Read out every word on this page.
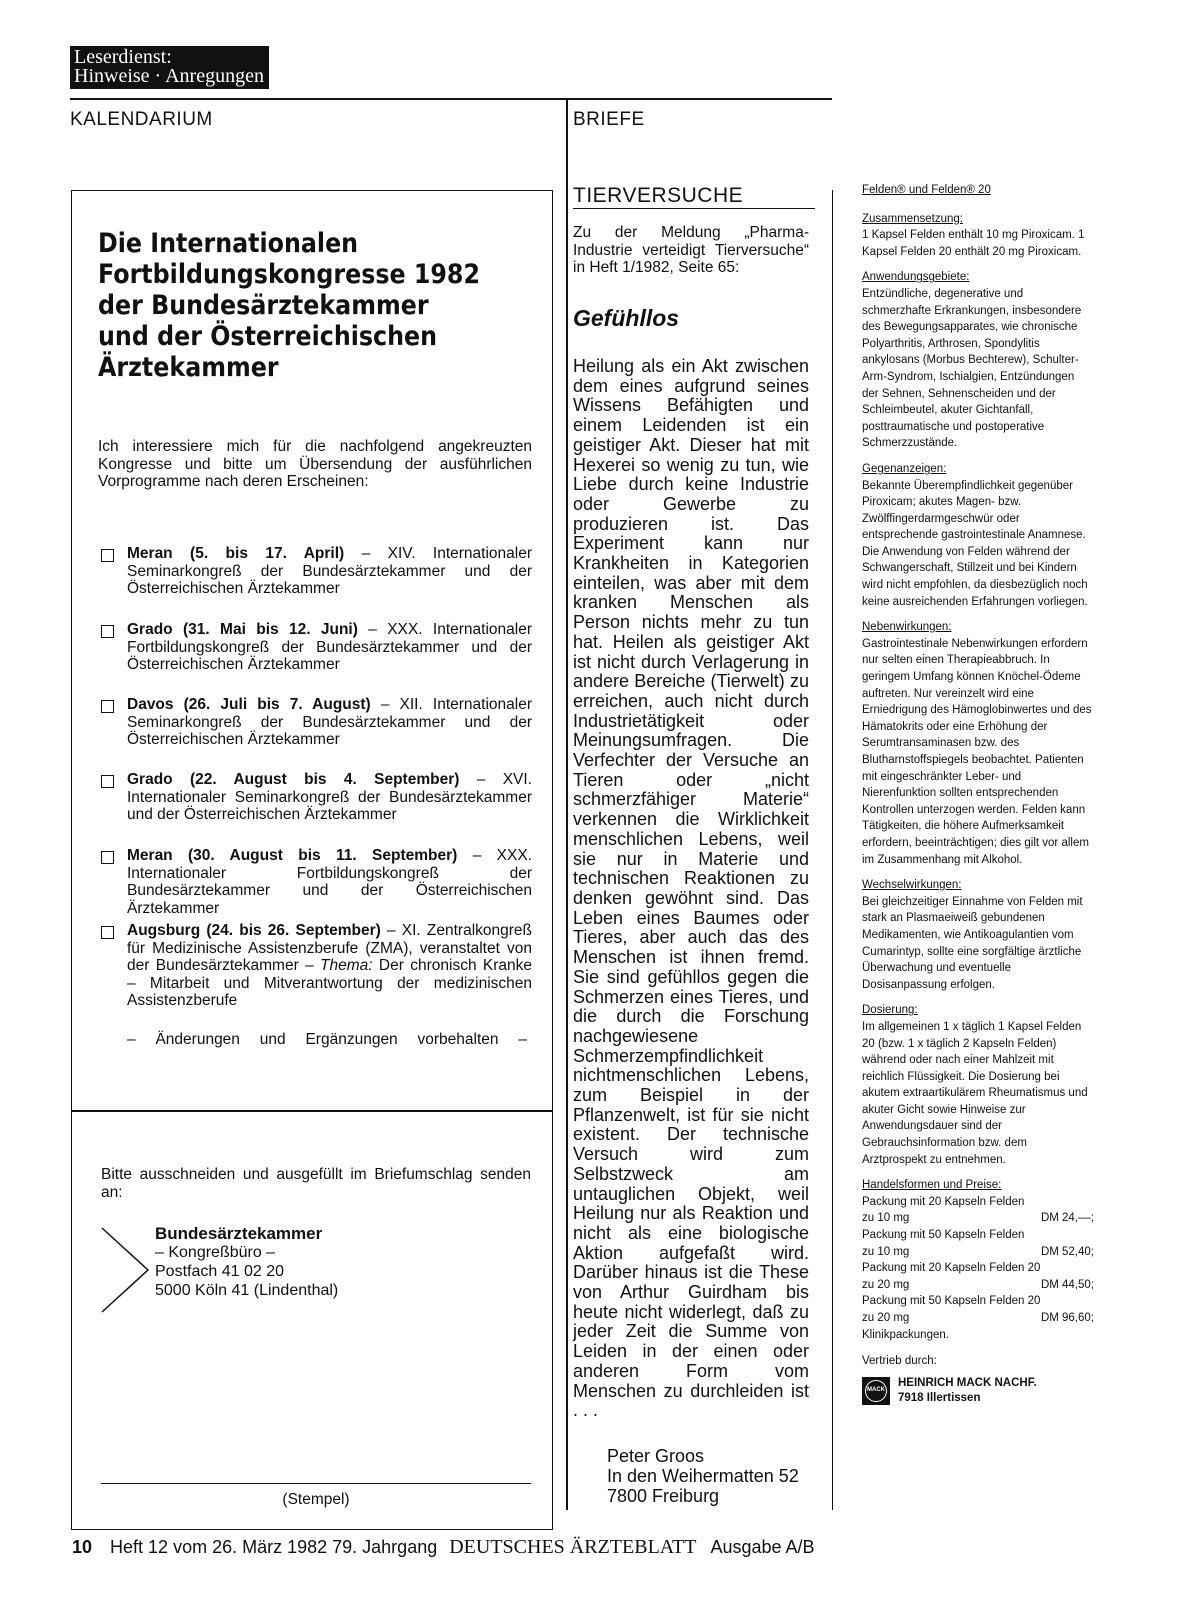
Leserdienst:
Hinweise · Anregungen
KALENDARIUM	BRIEFE
Die Internationalen
Fortbildungskongresse 1982
der Bundesärztekammer
und der Österreichischen
Ärztekammer
Ich interessiere mich für die nachfolgend angekreuzten Kongresse und bitte um Übersendung der ausführlichen Vorprogramme nach deren Erscheinen:
Meran (5. bis 17. April) – XIV. Internationaler Seminarkongreß der Bundesärztekammer und der Österreichischen Ärztekammer
Grado (31. Mai bis 12. Juni) – XXX. Internationaler Fortbildungskongreß der Bundesärztekammer und der Österreichischen Ärztekammer
Davos (26. Juli bis 7. August) – XII. Internationaler Seminarkongreß der Bundesärztekammer und der Österreichischen Ärztekammer
Grado (22. August bis 4. September) – XVI. Internationaler Seminarkongreß der Bundesärztekammer und der Österreichischen Ärztekammer
Meran (30. August bis 11. September) – XXX. Internationaler Fortbildungskongreß der Bundesärztekammer und der Österreichischen Ärztekammer
Augsburg (24. bis 26. September) – XI. Zentralkongreß für Medizinische Assistenzberufe (ZMA), veranstaltet von der Bundesärztekammer – Thema: Der chronisch Kranke – Mitarbeit und Mitverantwortung der medizinischen Assistenzberufe
– Änderungen und Ergänzungen vorbehalten –
Bitte ausschneiden und ausgefüllt im Briefumschlag senden an:
Bundesärztekammer
– Kongreßbüro –
Postfach 41 02 20
5000 Köln 41 (Lindenthal)
(Stempel)
TIERVERSUCHE
Zu der Meldung „Pharma-Industrie verteidigt Tierversuche“ in Heft 1/1982, Seite 65:
Gefühllos
Heilung als ein Akt zwischen dem eines aufgrund seines Wissens Befähigten und einem Leidenden ist ein geistiger Akt. Dieser hat mit Hexerei so wenig zu tun, wie Liebe durch keine Industrie oder Gewerbe zu produzieren ist. Das Experiment kann nur Krankheiten in Kategorien einteilen, was aber mit dem kranken Menschen als Person nichts mehr zu tun hat. Heilen als geistiger Akt ist nicht durch Verlagerung in andere Bereiche (Tierwelt) zu erreichen, auch nicht durch Industrietätigkeit oder Meinungsumfragen. Die Verfechter der Versuche an Tieren oder „nicht schmerzfähiger Materie“ verkennen die Wirklichkeit menschlichen Lebens, weil sie nur in Materie und technischen Reaktionen zu denken gewöhnt sind. Das Leben eines Baumes oder Tieres, aber auch das des Menschen ist ihnen fremd. Sie sind gefühllos gegen die Schmerzen eines Tieres, und die durch die Forschung nachgewiesene Schmerzempfindlichkeit nichtmenschlichen Lebens, zum Beispiel in der Pflanzenwelt, ist für sie nicht existent. Der technische Versuch wird zum Selbstzweck am untauglichen Objekt, weil Heilung nur als Reaktion und nicht als eine biologische Aktion aufgefaßt wird. Darüber hinaus ist die These von Arthur Guirdham bis heute nicht widerlegt, daß zu jeder Zeit die Summe von Leiden in der einen oder anderen Form vom Menschen zu durchleiden ist . . .
Peter Groos
In den Weihermatten 52
7800 Freiburg
Felden® und Felden® 20
Zusammensetzung:
1 Kapsel Felden enthält 10 mg Piroxicam. 1 Kapsel Felden 20 enthält 20 mg Piroxicam.
Anwendungsgebiete:
Entzündliche, degenerative und schmerzhafte Erkrankungen, insbesondere des Bewegungsapparates, wie chronische Polyarthritis, Arthrosen, Spondylitis ankylosans (Morbus Bechterew), Schulter-Arm-Syndrom, Ischialgien, Entzündungen der Sehnen, Sehnenscheiden und der Schleimbeutel, akuter Gichtanfall, posttraumatische und postoperative Schmerzzustände.
Gegenanzeigen:
Bekannte Überempfindlichkeit gegenüber Piroxicam; akutes Magen- bzw. Zwölffingerdarmgeschwür oder entsprechende gastrointestinale Anamnese. Die Anwendung von Felden während der Schwangerschaft, Stillzeit und bei Kindern wird nicht empfohlen, da diesbezüglich noch keine ausreichenden Erfahrungen vorliegen.
Nebenwirkungen:
Gastrointestinale Nebenwirkungen erfordern nur selten einen Therapieabbruch. In geringem Umfang können Knöchel-Ödeme auftreten. Nur vereinzelt wird eine Erniedrigung des Hämoglobinwertes und des Hämatokrits oder eine Erhöhung der Serumtransaminasen bzw. des Blutharnstoffspiegels beobachtet. Patienten mit eingeschränkter Leber- und Nierenfunktion sollten entsprechenden Kontrollen unterzogen werden. Felden kann Tätigkeiten, die höhere Aufmerksamkeit erfordern, beeinträchtigen; dies gilt vor allem im Zusammenhang mit Alkohol.
Wechselwirkungen:
Bei gleichzeitiger Einnahme von Felden mit stark an Plasmaeiweiß gebundenen Medikamenten, wie Antikoagulantien vom Cumarintyp, sollte eine sorgfältige ärztliche Überwachung und eventuelle Dosisanpassung erfolgen.
Dosierung:
Im allgemeinen 1 x täglich 1 Kapsel Felden 20 (bzw. 1 x täglich 2 Kapseln Felden) während oder nach einer Mahlzeit mit reichlich Flüssigkeit. Die Dosierung bei akutem extraartikulärem Rheumatismus und akuter Gicht sowie Hinweise zur Anwendungsdauer sind der Gebrauchsinformation bzw. dem Arztprospekt zu entnehmen.
Handelsformen und Preise:
Packung mit 20 Kapseln Felden
zu 10 mg	DM 24,––;
Packung mit 50 Kapseln Felden
zu 10 mg	DM 52,40;
Packung mit 20 Kapseln Felden 20
zu 20 mg	DM 44,50;
Packung mit 50 Kapseln Felden 20
zu 20 mg	DM 96,60;
Klinikpackungen.
Vertrieb durch:
MACK
HEINRICH MACK NACHF.
7918 Illertissen
10 Heft 12 vom 26. März 1982 79. Jahrgang DEUTSCHES ÄRZTEBLATT Ausgabe A/B
